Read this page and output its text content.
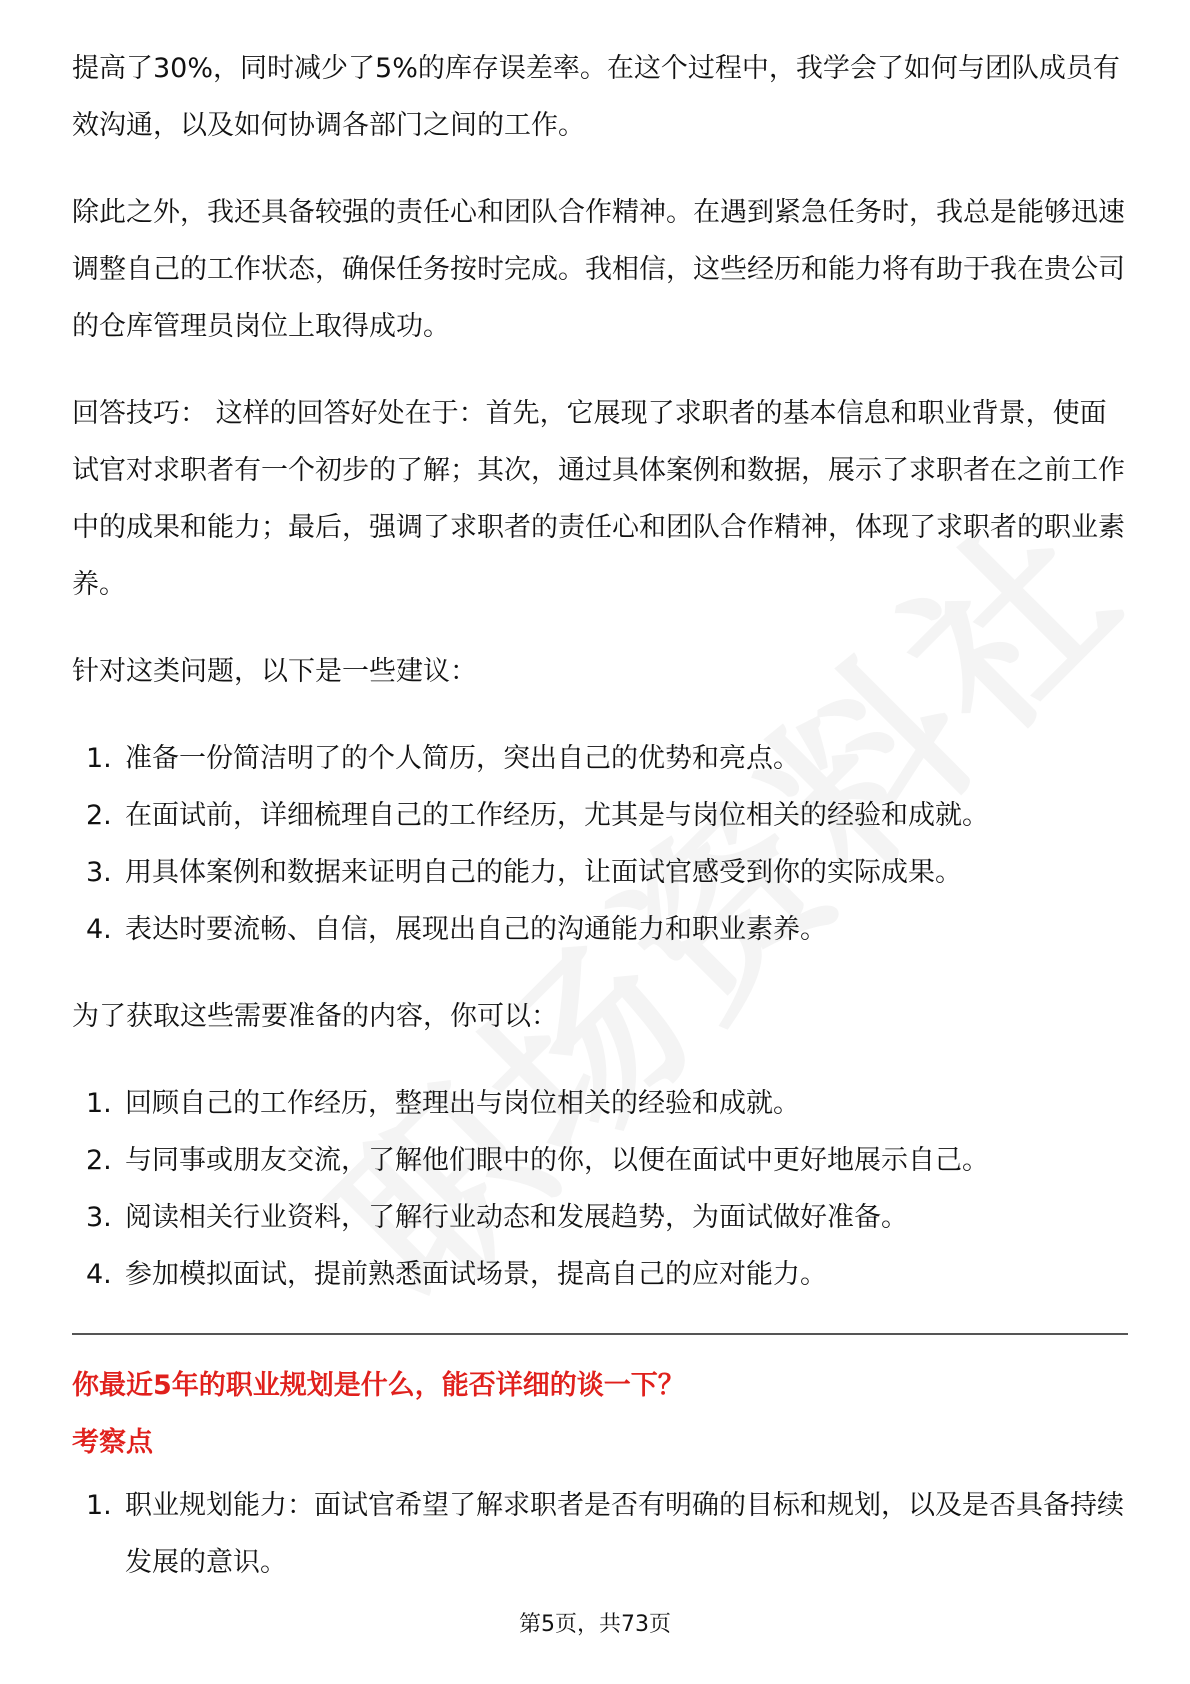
提高了30%，同时减少了5%的库存误差率。在这个过程中，我学会了如何与团队成员有效沟通，以及如何协调各部门之间的工作。

除此之外，我还具备较强的责任心和团队合作精神。在遇到紧急任务时，我总是能够迅速调整自己的工作状态，确保任务按时完成。我相信，这些经历和能力将有助于我在贵公司的仓库管理员岗位上取得成功。

回答技巧： 这样的回答好处在于：首先，它展现了求职者的基本信息和职业背景，使面试官对求职者有一个初步的了解；其次，通过具体案例和数据，展示了求职者在之前工作中的成果和能力；最后，强调了求职者的责任心和团队合作精神，体现了求职者的职业素养。

针对这类问题，以下是一些建议：

1. 准备一份简洁明了的个人简历，突出自己的优势和亮点。
2. 在面试前，详细梳理自己的工作经历，尤其是与岗位相关的经验和成就。
3. 用具体案例和数据来证明自己的能力，让面试官感受到你的实际成果。
4. 表达时要流畅、自信，展现出自己的沟通能力和职业素养。

为了获取这些需要准备的内容，你可以：

1. 回顾自己的工作经历，整理出与岗位相关的经验和成就。
2. 与同事或朋友交流，了解他们眼中的你，以便在面试中更好地展示自己。
3. 阅读相关行业资料，了解行业动态和发展趋势，为面试做好准备。
4. 参加模拟面试，提前熟悉面试场景，提高自己的应对能力。

你最近5年的职业规划是什么，能否详细的谈一下？

考察点

1. 职业规划能力：面试官希望了解求职者是否有明确的目标和规划，以及是否具备持续发展的意识。
第5页，共73页
